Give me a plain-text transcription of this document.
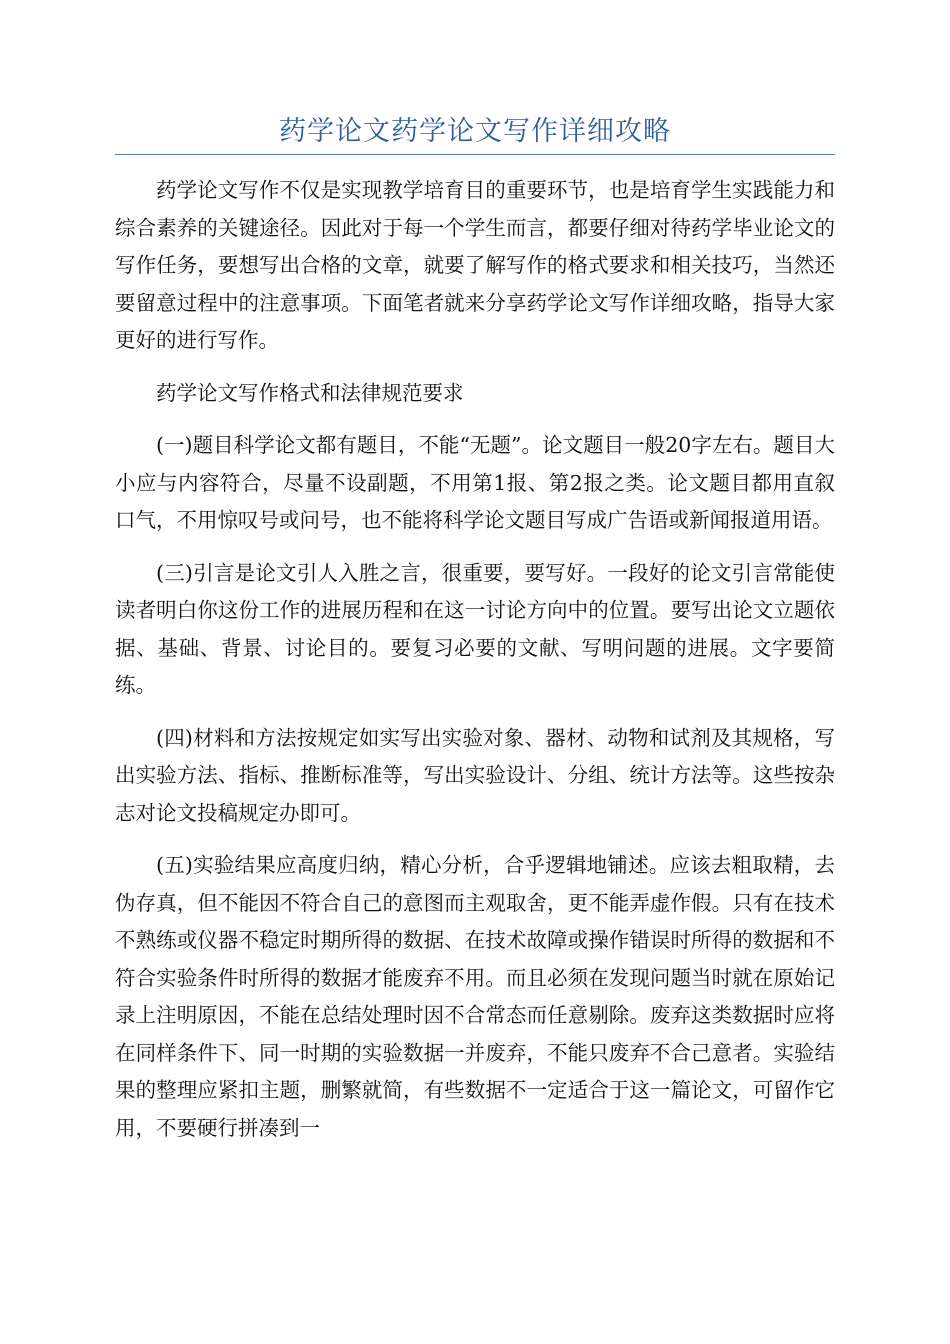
药学论文药学论文写作详细攻略

药学论文写作不仅是实现教学培育目的重要环节，也是培育学生实践能力和综合素养的关键途径。因此对于每一个学生而言，都要仔细对待药学毕业论文的写作任务，要想写出合格的文章，就要了解写作的格式要求和相关技巧，当然还要留意过程中的注意事项。下面笔者就来分享药学论文写作详细攻略，指导大家更好的进行写作。

药学论文写作格式和法律规范要求

(一)题目科学论文都有题目，不能“无题”。论文题目一般20字左右。题目大小应与内容符合，尽量不设副题，不用第1报、第2报之类。论文题目都用直叙口气，不用惊叹号或问号，也不能将科学论文题目写成广告语或新闻报道用语。

(三)引言是论文引人入胜之言，很重要，要写好。一段好的论文引言常能使读者明白你这份工作的进展历程和在这一讨论方向中的位置。要写出论文立题依据、基础、背景、讨论目的。要复习必要的文献、写明问题的进展。文字要简练。

(四)材料和方法按规定如实写出实验对象、器材、动物和试剂及其规格，写出实验方法、指标、推断标准等，写出实验设计、分组、统计方法等。这些按杂志对论文投稿规定办即可。

(五)实验结果应高度归纳，精心分析，合乎逻辑地铺述。应该去粗取精，去伪存真，但不能因不符合自己的意图而主观取舍，更不能弄虚作假。只有在技术不熟练或仪器不稳定时期所得的数据、在技术故障或操作错误时所得的数据和不符合实验条件时所得的数据才能废弃不用。而且必须在发现问题当时就在原始记录上注明原因，不能在总结处理时因不合常态而任意剔除。废弃这类数据时应将在同样条件下、同一时期的实验数据一并废弃，不能只废弃不合己意者。实验结果的整理应紧扣主题，删繁就简，有些数据不一定适合于这一篇论文，可留作它用，不要硬行拼凑到一
